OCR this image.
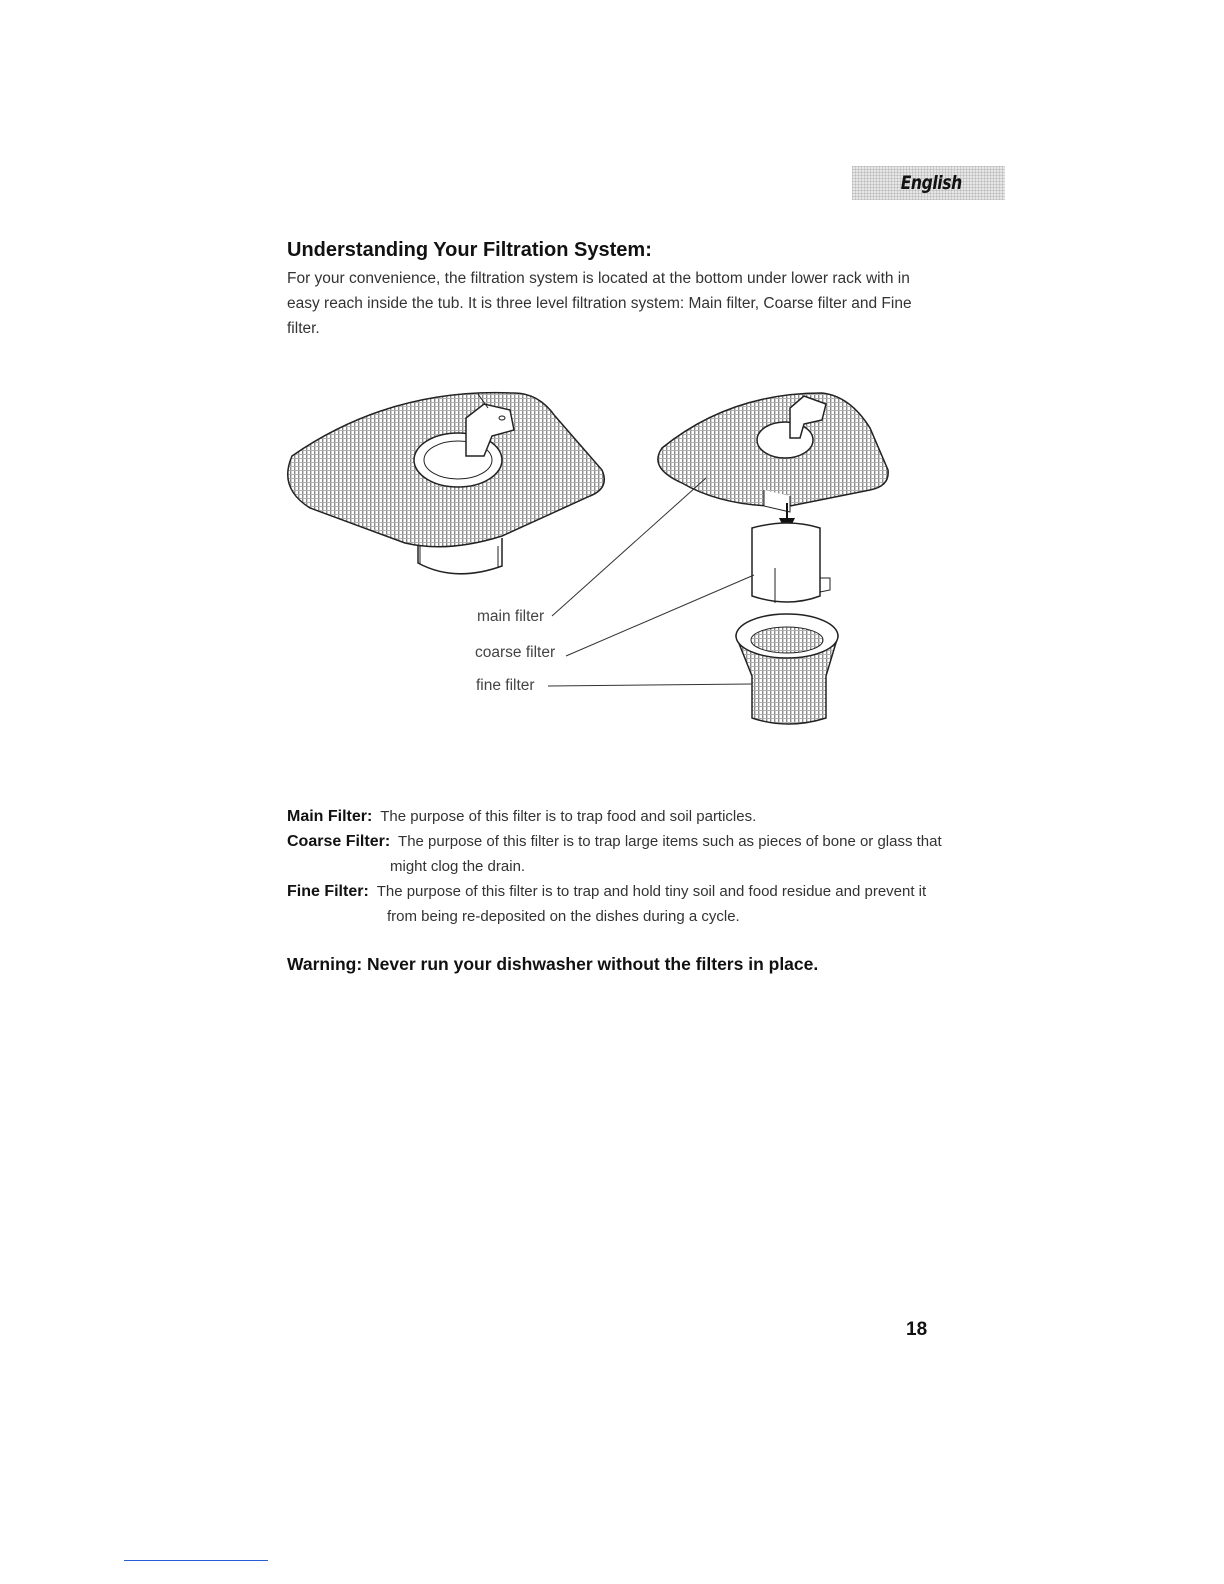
English
Understanding Your Filtration System:

For your convenience, the filtration system is located at the bottom under lower rack with in easy reach inside the tub. It is three level filtration system: Main filter, Coarse filter and Fine filter.

main filter
coarse filter
fine filter

Main Filter: The purpose of this filter is to trap food and soil particles.

Coarse Filter: The purpose of this filter is to trap large items such as pieces of bone or glass that might clog the drain.

Fine Filter: The purpose of this filter is to trap and hold tiny soil and food residue and prevent it from being re-deposited on the dishes during a cycle.

Warning: Never run your dishwasher without the filters in place.

18
